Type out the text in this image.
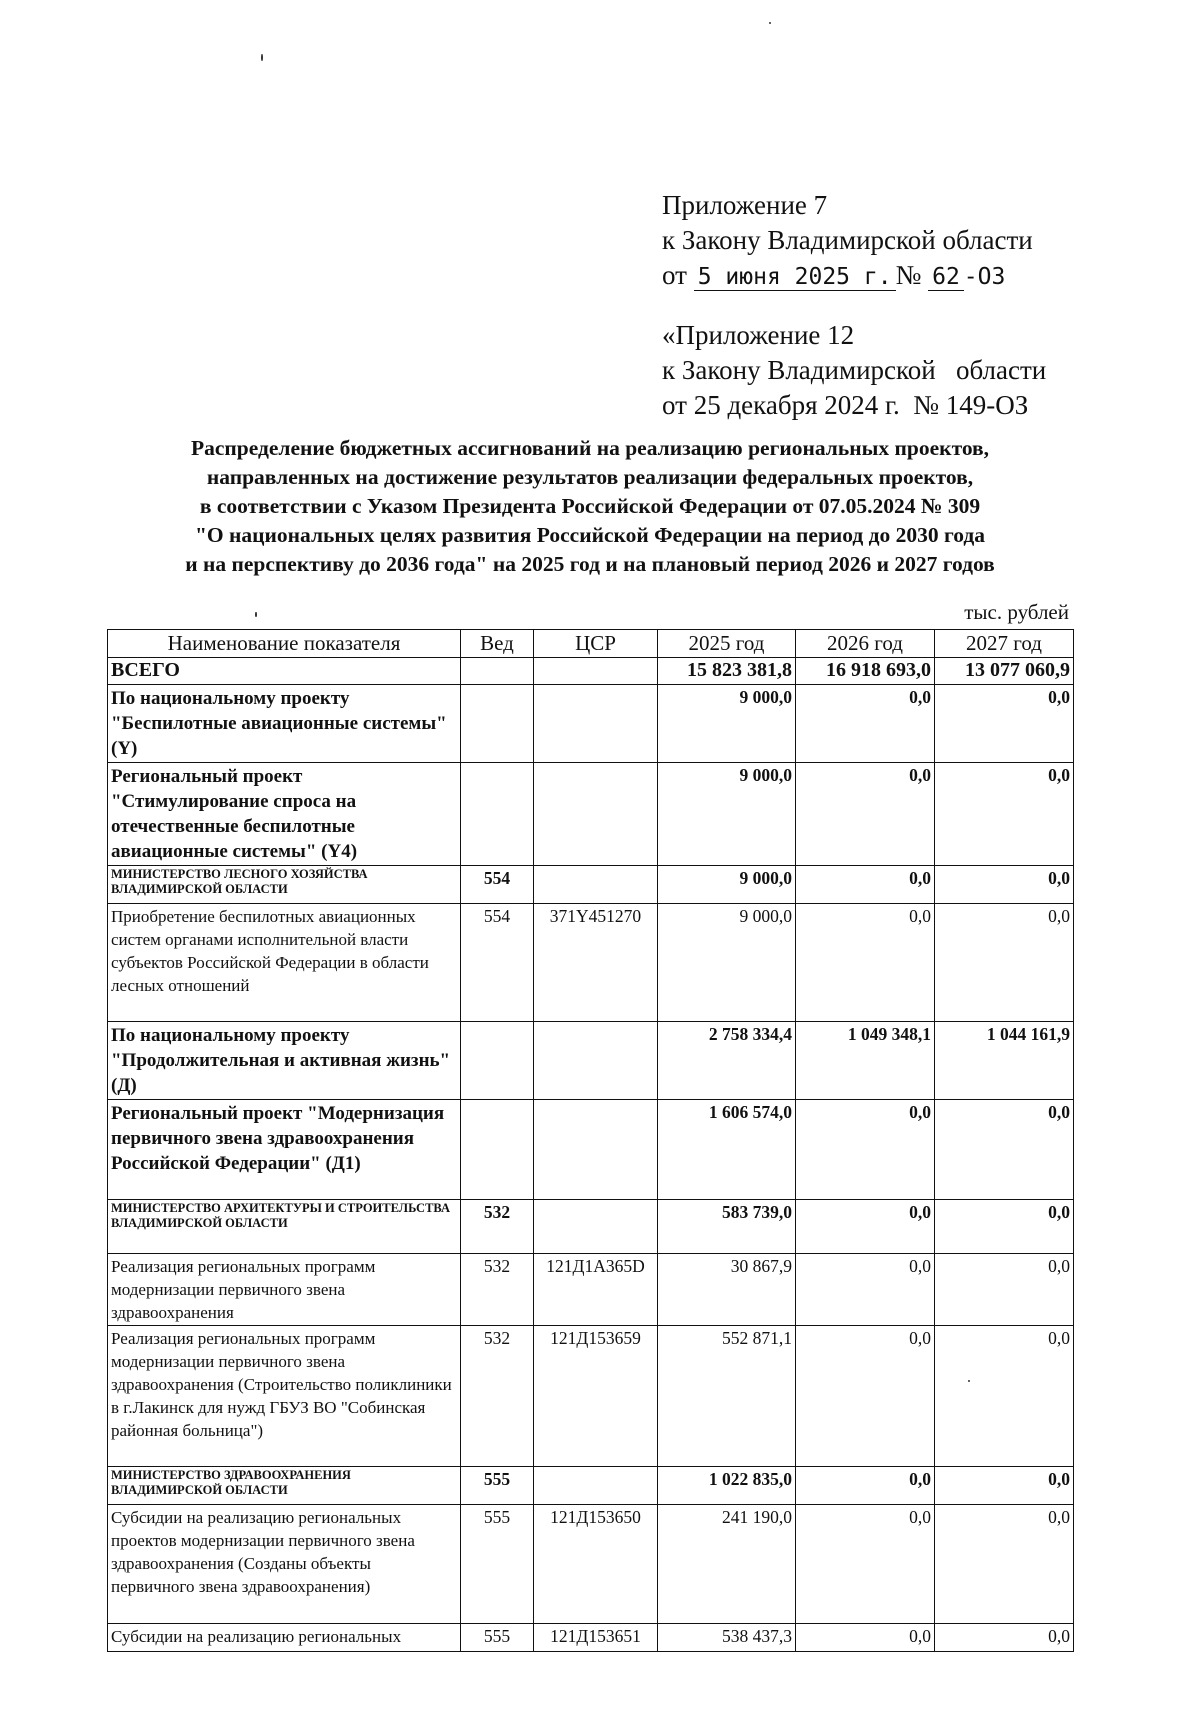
Приложение 7
к Закону Владимирской области
от 5 июня 2025 г. № 62 -ОЗ
«Приложение 12
к Закону Владимирской   области
от 25 декабря 2024 г.  № 149-ОЗ
Распределение бюджетных ассигнований на реализацию региональных проектов,
направленных на достижение результатов реализации федеральных проектов,
в соответствии с Указом Президента Российской Федерации от 07.05.2024 № 309
"О национальных целях развития Российской Федерации на период до 2030 года
и на перспективу до 2036 года" на 2025 год и на плановый период 2026 и 2027 годов
тыс. рублей
Наименование показателя	Вед	ЦСР	2025 год	2026 год	2027 год
ВСЕГО			15 823 381,8	16 918 693,0	13 077 060,9
По национальному проекту "Беспилотные авиационные системы" (Y)			9 000,0	0,0	0,0
Региональный проект "Стимулирование спроса на отечественные беспилотные авиационные системы" (Y4)			9 000,0	0,0	0,0
МИНИСТЕРСТВО ЛЕСНОГО ХОЗЯЙСТВА ВЛАДИМИРСКОЙ ОБЛАСТИ	554		9 000,0	0,0	0,0
Приобретение беспилотных авиационных систем органами исполнительной власти субъектов Российской Федерации в области лесных отношений	554	371Y451270	9 000,0	0,0	0,0
По национальному проекту "Продолжительная и активная жизнь" (Д)			2 758 334,4	1 049 348,1	1 044 161,9
Региональный проект "Модернизация первичного звена здравоохранения Российской Федерации" (Д1)			1 606 574,0	0,0	0,0
МИНИСТЕРСТВО АРХИТЕКТУРЫ И СТРОИТЕЛЬСТВА ВЛАДИМИРСКОЙ ОБЛАСТИ	532		583 739,0	0,0	0,0
Реализация региональных программ модернизации первичного звена здравоохранения	532	121Д1А365D	30 867,9	0,0	0,0
Реализация региональных программ модернизации первичного звена здравоохранения (Строительство поликлиники в г.Лакинск для нужд ГБУЗ ВО "Собинская районная больница")	532	121Д153659	552 871,1	0,0	0,0
МИНИСТЕРСТВО ЗДРАВООХРАНЕНИЯ ВЛАДИМИРСКОЙ ОБЛАСТИ	555		1 022 835,0	0,0	0,0
Субсидии на реализацию региональных проектов модернизации первичного звена здравоохранения (Созданы объекты первичного звена здравоохранения)	555	121Д153650	241 190,0	0,0	0,0
Субсидии на реализацию региональных	555	121Д153651	538 437,3	0,0	0,0
